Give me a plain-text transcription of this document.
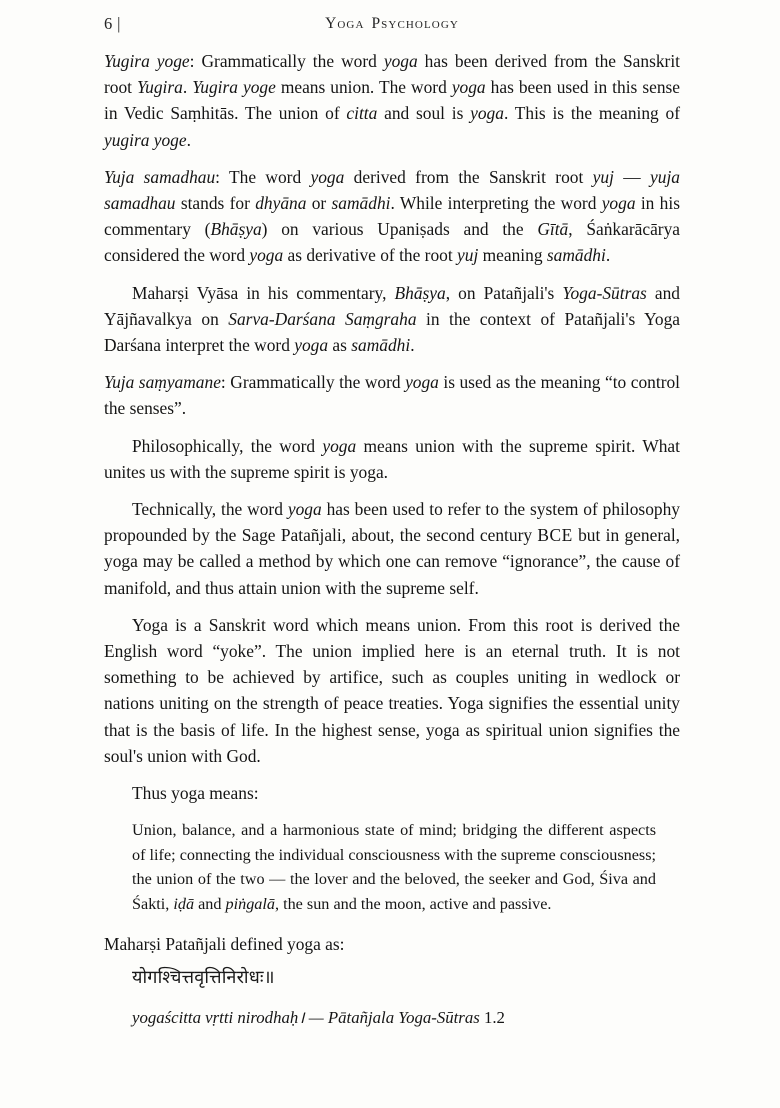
6 |	Yoga Psychology

Yugira yoge: Grammatically the word yoga has been derived from the Sanskrit root Yugira. Yugira yoge means union. The word yoga has been used in this sense in Vedic Saṃhitās. The union of citta and soul is yoga. This is the meaning of yugira yoge.

Yuja samadhau: The word yoga derived from the Sanskrit root yuj — yuja samadhau stands for dhyāna or samādhi. While interpreting the word yoga in his commentary (Bhāṣya) on various Upaniṣads and the Gītā, Śaṅkarācārya considered the word yoga as derivative of the root yuj meaning samādhi.

Maharṣi Vyāsa in his commentary, Bhāṣya, on Patañjali's Yoga-Sūtras and Yājñavalkya on Sarva-Darśana Saṃgraha in the context of Patañjali's Yoga Darśana interpret the word yoga as samādhi.

Yuja saṃyamane: Grammatically the word yoga is used as the meaning “to control the senses”.

Philosophically, the word yoga means union with the supreme spirit. What unites us with the supreme spirit is yoga.

Technically, the word yoga has been used to refer to the system of philosophy propounded by the Sage Patañjali, about, the second century BCE but in general, yoga may be called a method by which one can remove “ignorance”, the cause of manifold, and thus attain union with the supreme self.

Yoga is a Sanskrit word which means union. From this root is derived the English word “yoke”. The union implied here is an eternal truth. It is not something to be achieved by artifice, such as couples uniting in wedlock or nations uniting on the strength of peace treaties. Yoga signifies the essential unity that is the basis of life. In the highest sense, yoga as spiritual union signifies the soul's union with God.

Thus yoga means:

Union, balance, and a harmonious state of mind; bridging the different aspects of life; connecting the individual consciousness with the supreme consciousness; the union of the two — the lover and the beloved, the seeker and God, Śiva and Śakti, iḍā and piṅgalā, the sun and the moon, active and passive.

Maharṣi Patañjali defined yoga as:

योगश्चित्तवृत्तिनिरोधः॥
yogaścitta vṛtti nirodhaḥ। — Pātañjala Yoga-Sūtras 1.2
